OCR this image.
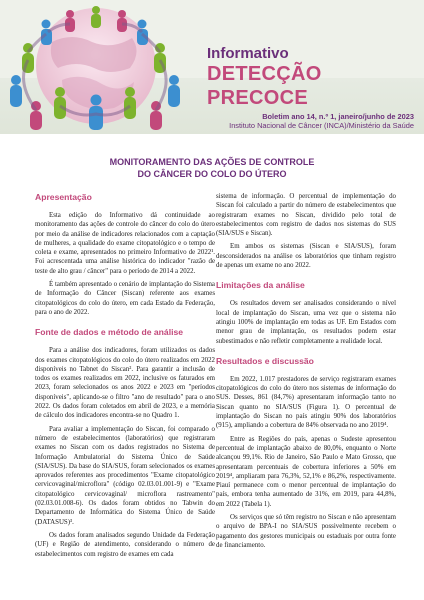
Informativo

DETECÇÃO PRECOCE

Boletim ano 14, n.º 1, janeiro/junho de 2023
Instituto Nacional de Câncer (INCA)/Ministério da Saúde
MONITORAMENTO DAS AÇÕES DE CONTROLE
DO CÂNCER DO COLO DO ÚTERO
Apresentação

Esta edição do Informativo dá continuidade ao monitoramento das ações de controle do câncer do colo do útero por meio da análise de indicadores relacionados com a captação de mulheres, a qualidade do exame citopatológico e o tempo de coleta e exame, apresentados no primeiro Informativo de 2022¹. Foi acrescentada uma análise histórica do indicador "razão de teste de alto grau / câncer" para o período de 2014 a 2022.

É também apresentado o cenário de implantação do Sistema de Informação do Câncer (Siscan) referente aos exames citopatológicos do colo do útero, em cada Estado da Federação, para o ano de 2022.

Fonte de dados e método de análise

Para a análise dos indicadores, foram utilizados os dados dos exames citopatológicos do colo do útero realizados em 2022 disponíveis no Tabnet do Siscan². Para garantir a inclusão de todos os exames realizados em 2022, inclusive os faturados em 2023, foram selecionados os anos 2022 e 2023 em "períodos disponíveis", aplicando-se o filtro "ano de resultado" para o ano 2022. Os dados foram coletados em abril de 2023, e a memória de cálculo dos indicadores encontra-se no Quadro 1.

Para avaliar a implementação do Siscan, foi comparado o número de estabelecimentos (laboratórios) que registraram exames no Siscan com os dados registrados no Sistema de Informação Ambulatorial do Sistema Único de Saúde (SIA/SUS). Da base do SIA/SUS, foram selecionados os exames aprovados referentes aos procedimentos "Exame citopatológico cervicovaginal/microflora" (código 02.03.01.001-9) e "Exame citopatológico cervicovaginal/ microflora rastreamento" (02.03.01.008-6). Os dados foram obtidos no Tabwin do Departamento de Informática do Sistema Único de Saúde (DATASUS)³.

Os dados foram analisados segundo Unidade da Federação (UF) e Região de atendimento, considerando o número de estabelecimentos com registro de exames em cada

sistema de informação. O percentual de implementação do Siscan foi calculado a partir do número de estabelecimentos que registraram exames no Siscan, dividido pelo total de estabelecimentos com registro de dados nos sistemas do SUS (SIA/SUS e Siscan).

Em ambos os sistemas (Siscan e SIA/SUS), foram desconsiderados na análise os laboratórios que tinham registro de apenas um exame no ano 2022.

Limitações da análise

Os resultados devem ser analisados considerando o nível local de implantação do Siscan, uma vez que o sistema não atingiu 100% de implantação em todas as UF. Em Estados com menor grau de implantação, os resultados podem estar subestimados e não refletir completamente a realidade local.

Resultados e discussão

Em 2022, 1.017 prestadores de serviço registraram exames citopatológicos do colo do útero nos sistemas de informação do SUS. Desses, 861 (84,7%) apresentaram informação tanto no Siscan quanto no SIA/SUS (Figura 1). O percentual de implantação do Siscan no país atingiu 90% dos laboratórios (915), ampliando a cobertura de 84% observada no ano 2019⁴.

Entre as Regiões do país, apenas o Sudeste apresentou percentual de implantação abaixo de 80,0%, enquanto o Norte alcançou 99,1%. Rio de Janeiro, São Paulo e Mato Grosso, que apresentaram percentuais de cobertura inferiores a 50% em 2019⁴, ampliaram para 76,3%, 52,1% e 86,2%, respectivamente. Piauí permanece com o menor percentual de implantação do país, embora tenha aumentado de 31%, em 2019, para 44,8%, em 2022 (Tabela 1).

Os serviços que só têm registro no Siscan e não apresentam o arquivo de BPA-I no SIA/SUS possivelmente recebem o pagamento dos gestores municipais ou estaduais por outra fonte de financiamento.
